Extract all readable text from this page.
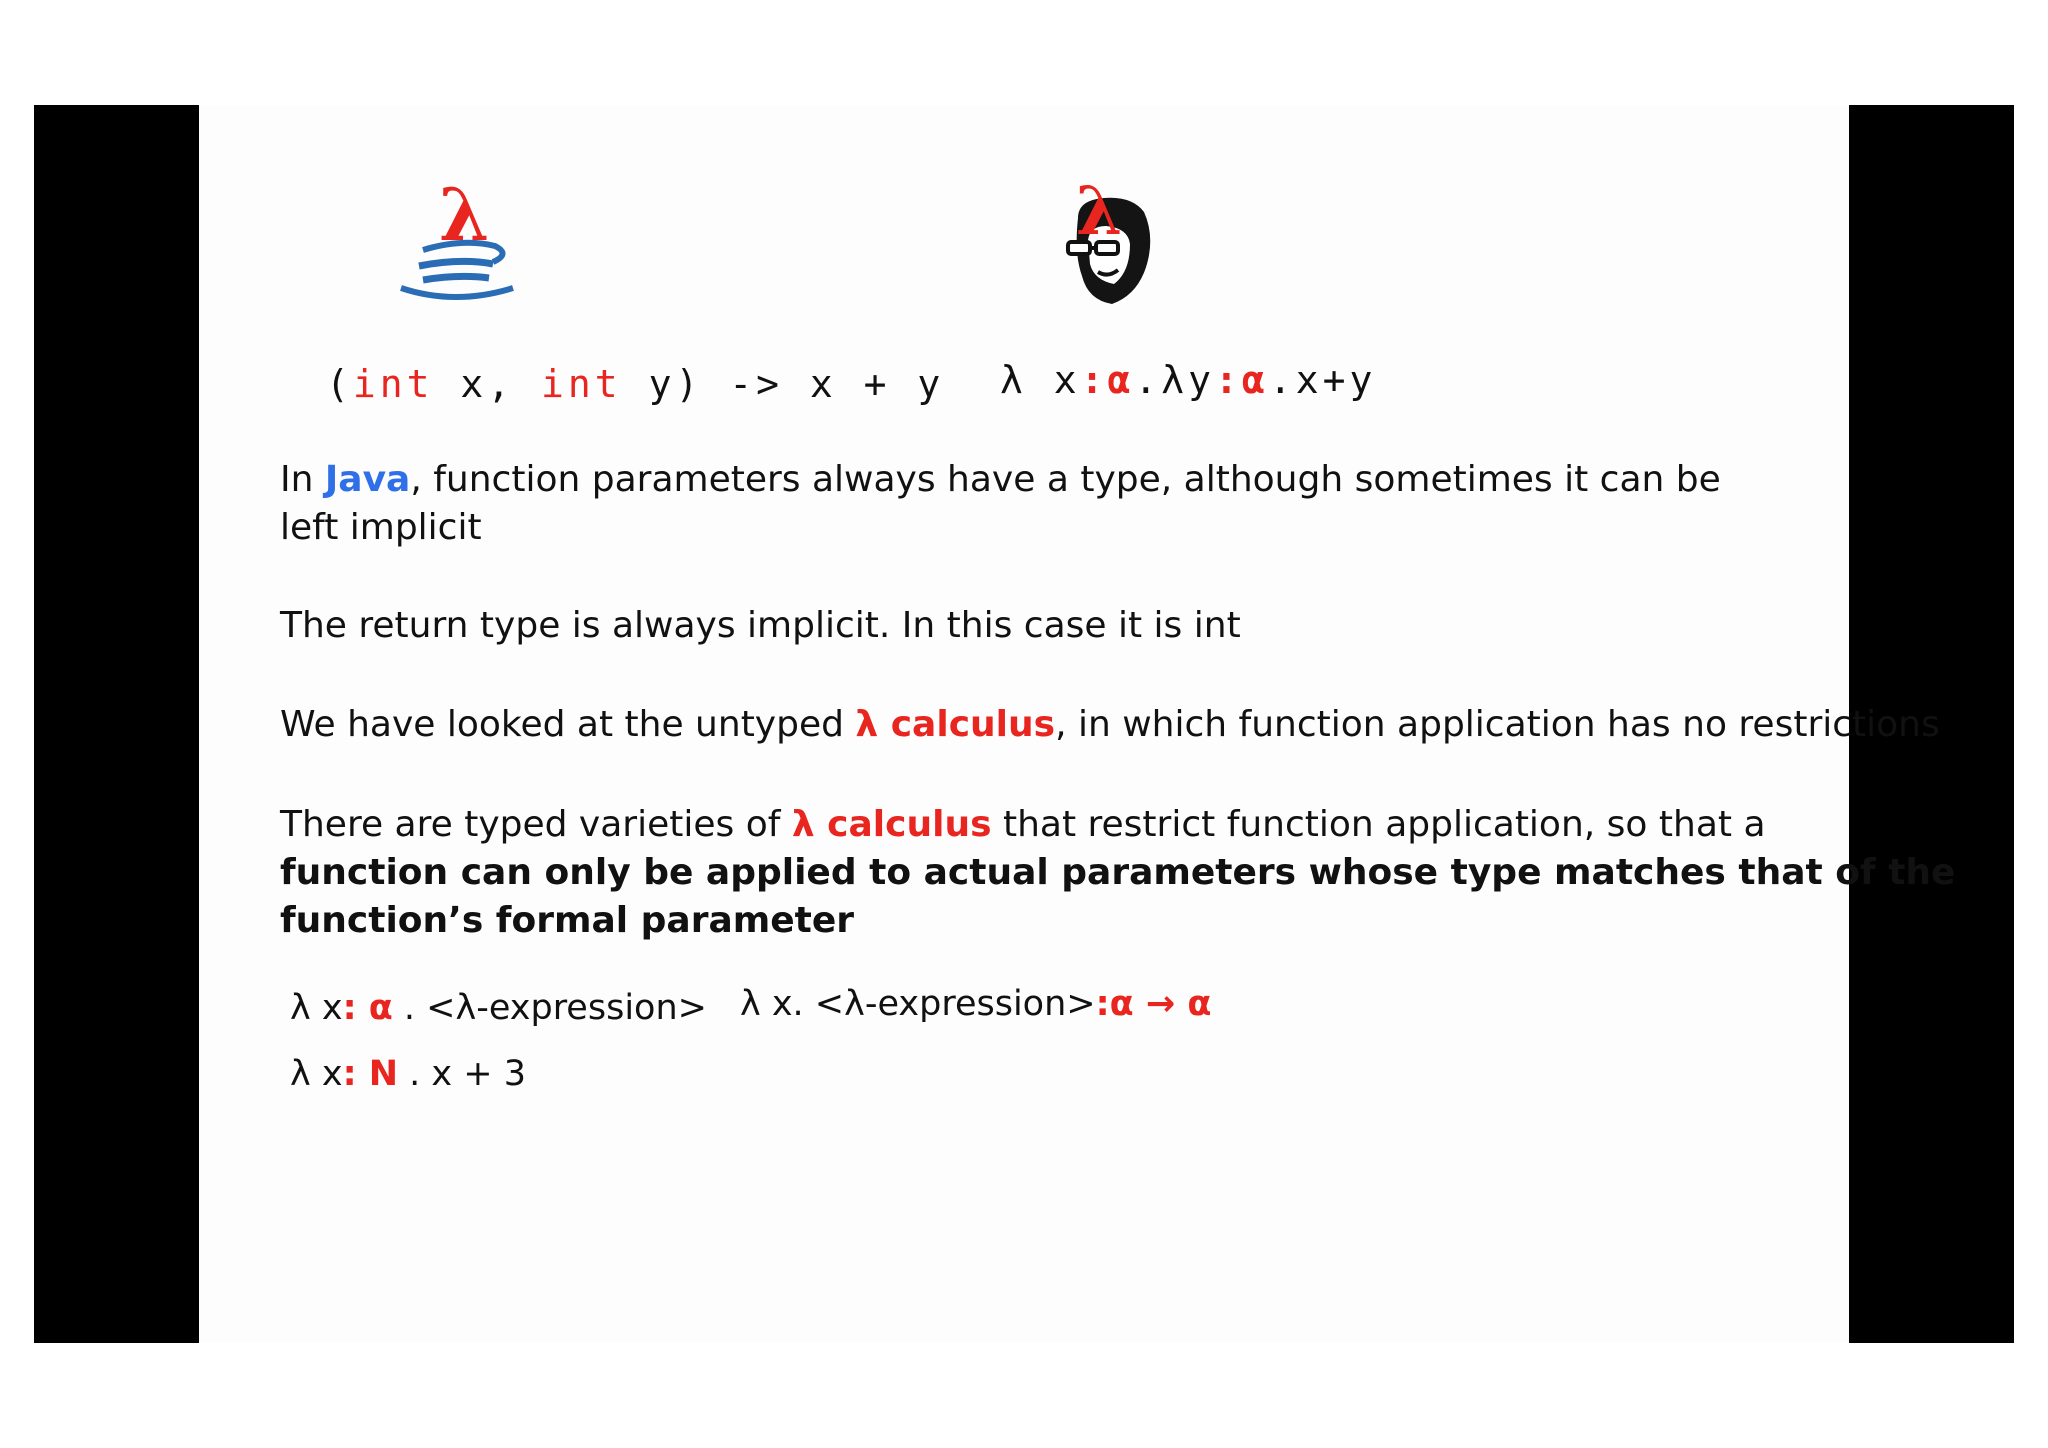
λ	λ
(int x, int y) -> x + y λ x:α.λy:α.x+y
In Java, function parameters always have a type, although sometimes it can be
left implicit
The return type is always implicit. In this case it is int
We have looked at the untyped λ calculus, in which function application has no restrictions
There are typed varieties of λ calculus that restrict function application, so that a
function can only be applied to actual parameters whose type matches that of the
function’s formal parameter
λ x: α . <λ-expression> λ x. <λ-expression>:α → α
λ x: N . x + 3
